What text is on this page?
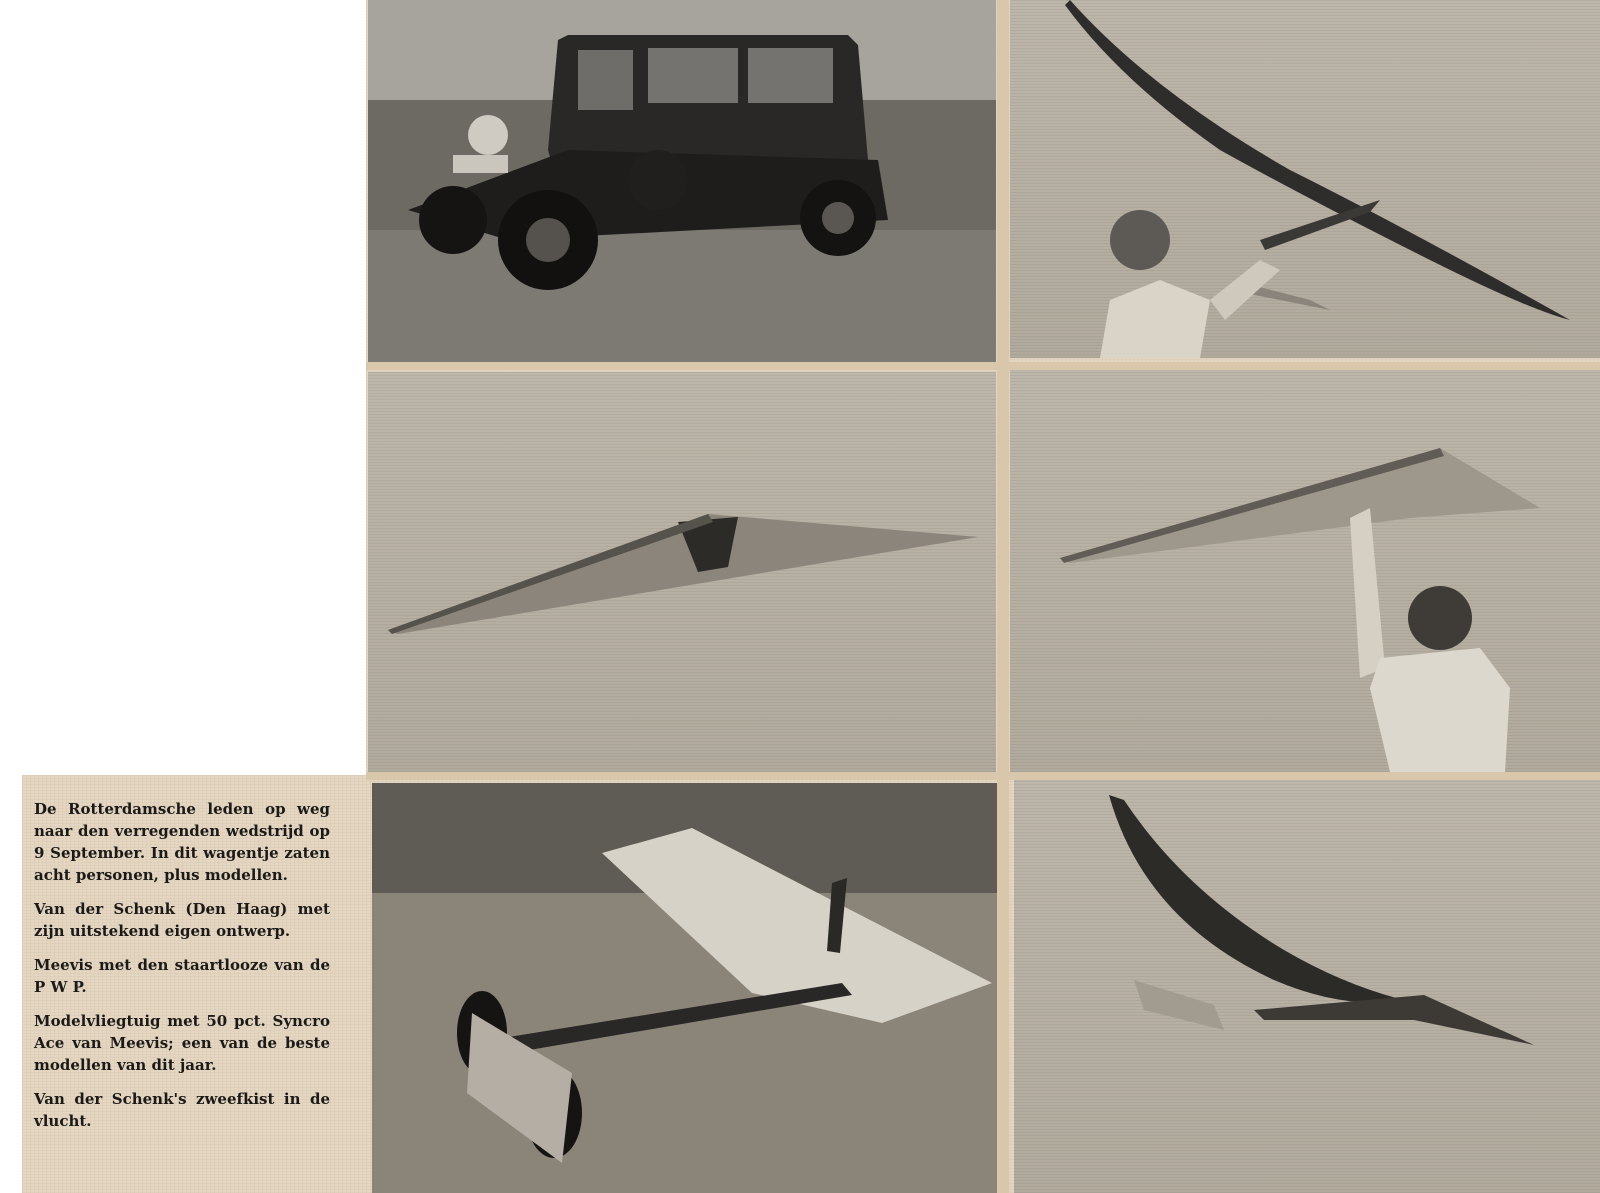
De Rotterdamsche leden op weg naar den verregenden wedstrijd op 9 September. In dit wagentje zaten acht personen, plus modellen.

Van der Schenk (Den Haag) met zijn uitstekend eigen ontwerp.

Meevis met den staartlooze van de P W P.

Modelvliegtuig met 50 pct. Syncro Ace van Meevis; een van de beste modellen van dit jaar.

Van der Schenk's zweefkist in de vlucht.
